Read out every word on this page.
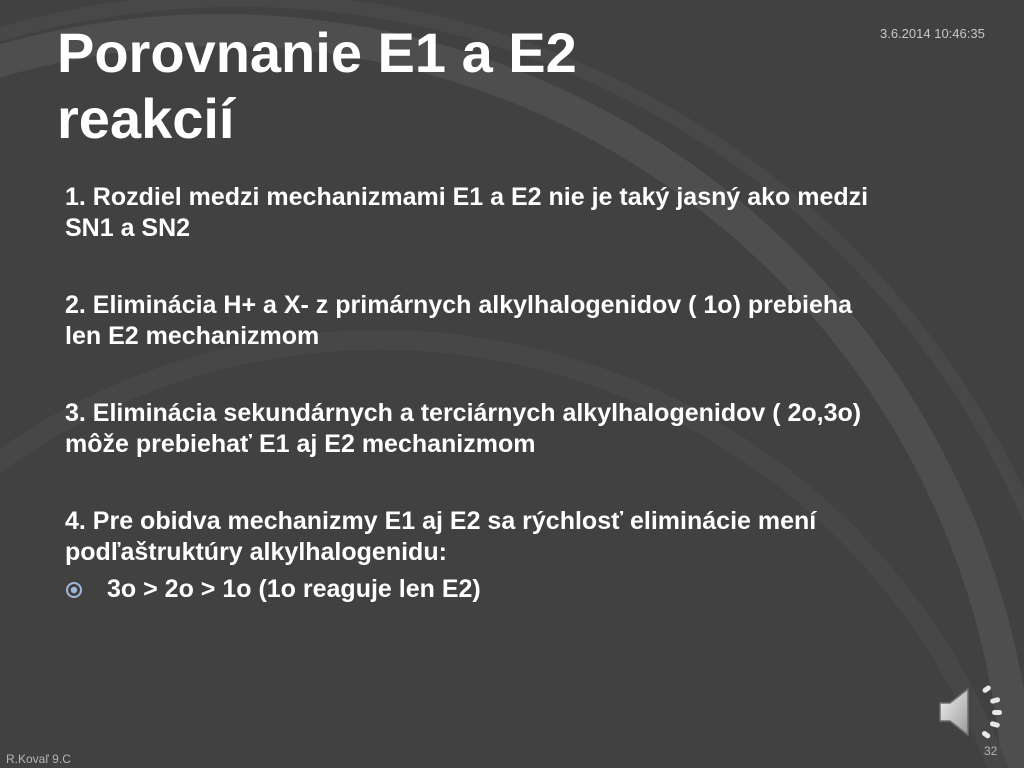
Porovnanie E1 a E2 reakcií
3.6.2014 10:46:35

1. Rozdiel medzi mechanizmami E1 a E2 nie je taký jasný ako medzi SN1 a SN2

2. Eliminácia H+ a X- z primárnych alkylhalogenidov ( 1o) prebieha len E2 mechanizmom

3. Eliminácia sekundárnych a terciárnych alkylhalogenidov ( 2o,3o) môže prebiehať E1 aj E2 mechanizmom

4. Pre obidva mechanizmy E1 aj E2 sa rýchlosť eliminácie mení podľaštruktúry alkylhalogenidu:

3o > 2o > 1o (1o reaguje len E2)
R.Kovaľ 9.C
32
